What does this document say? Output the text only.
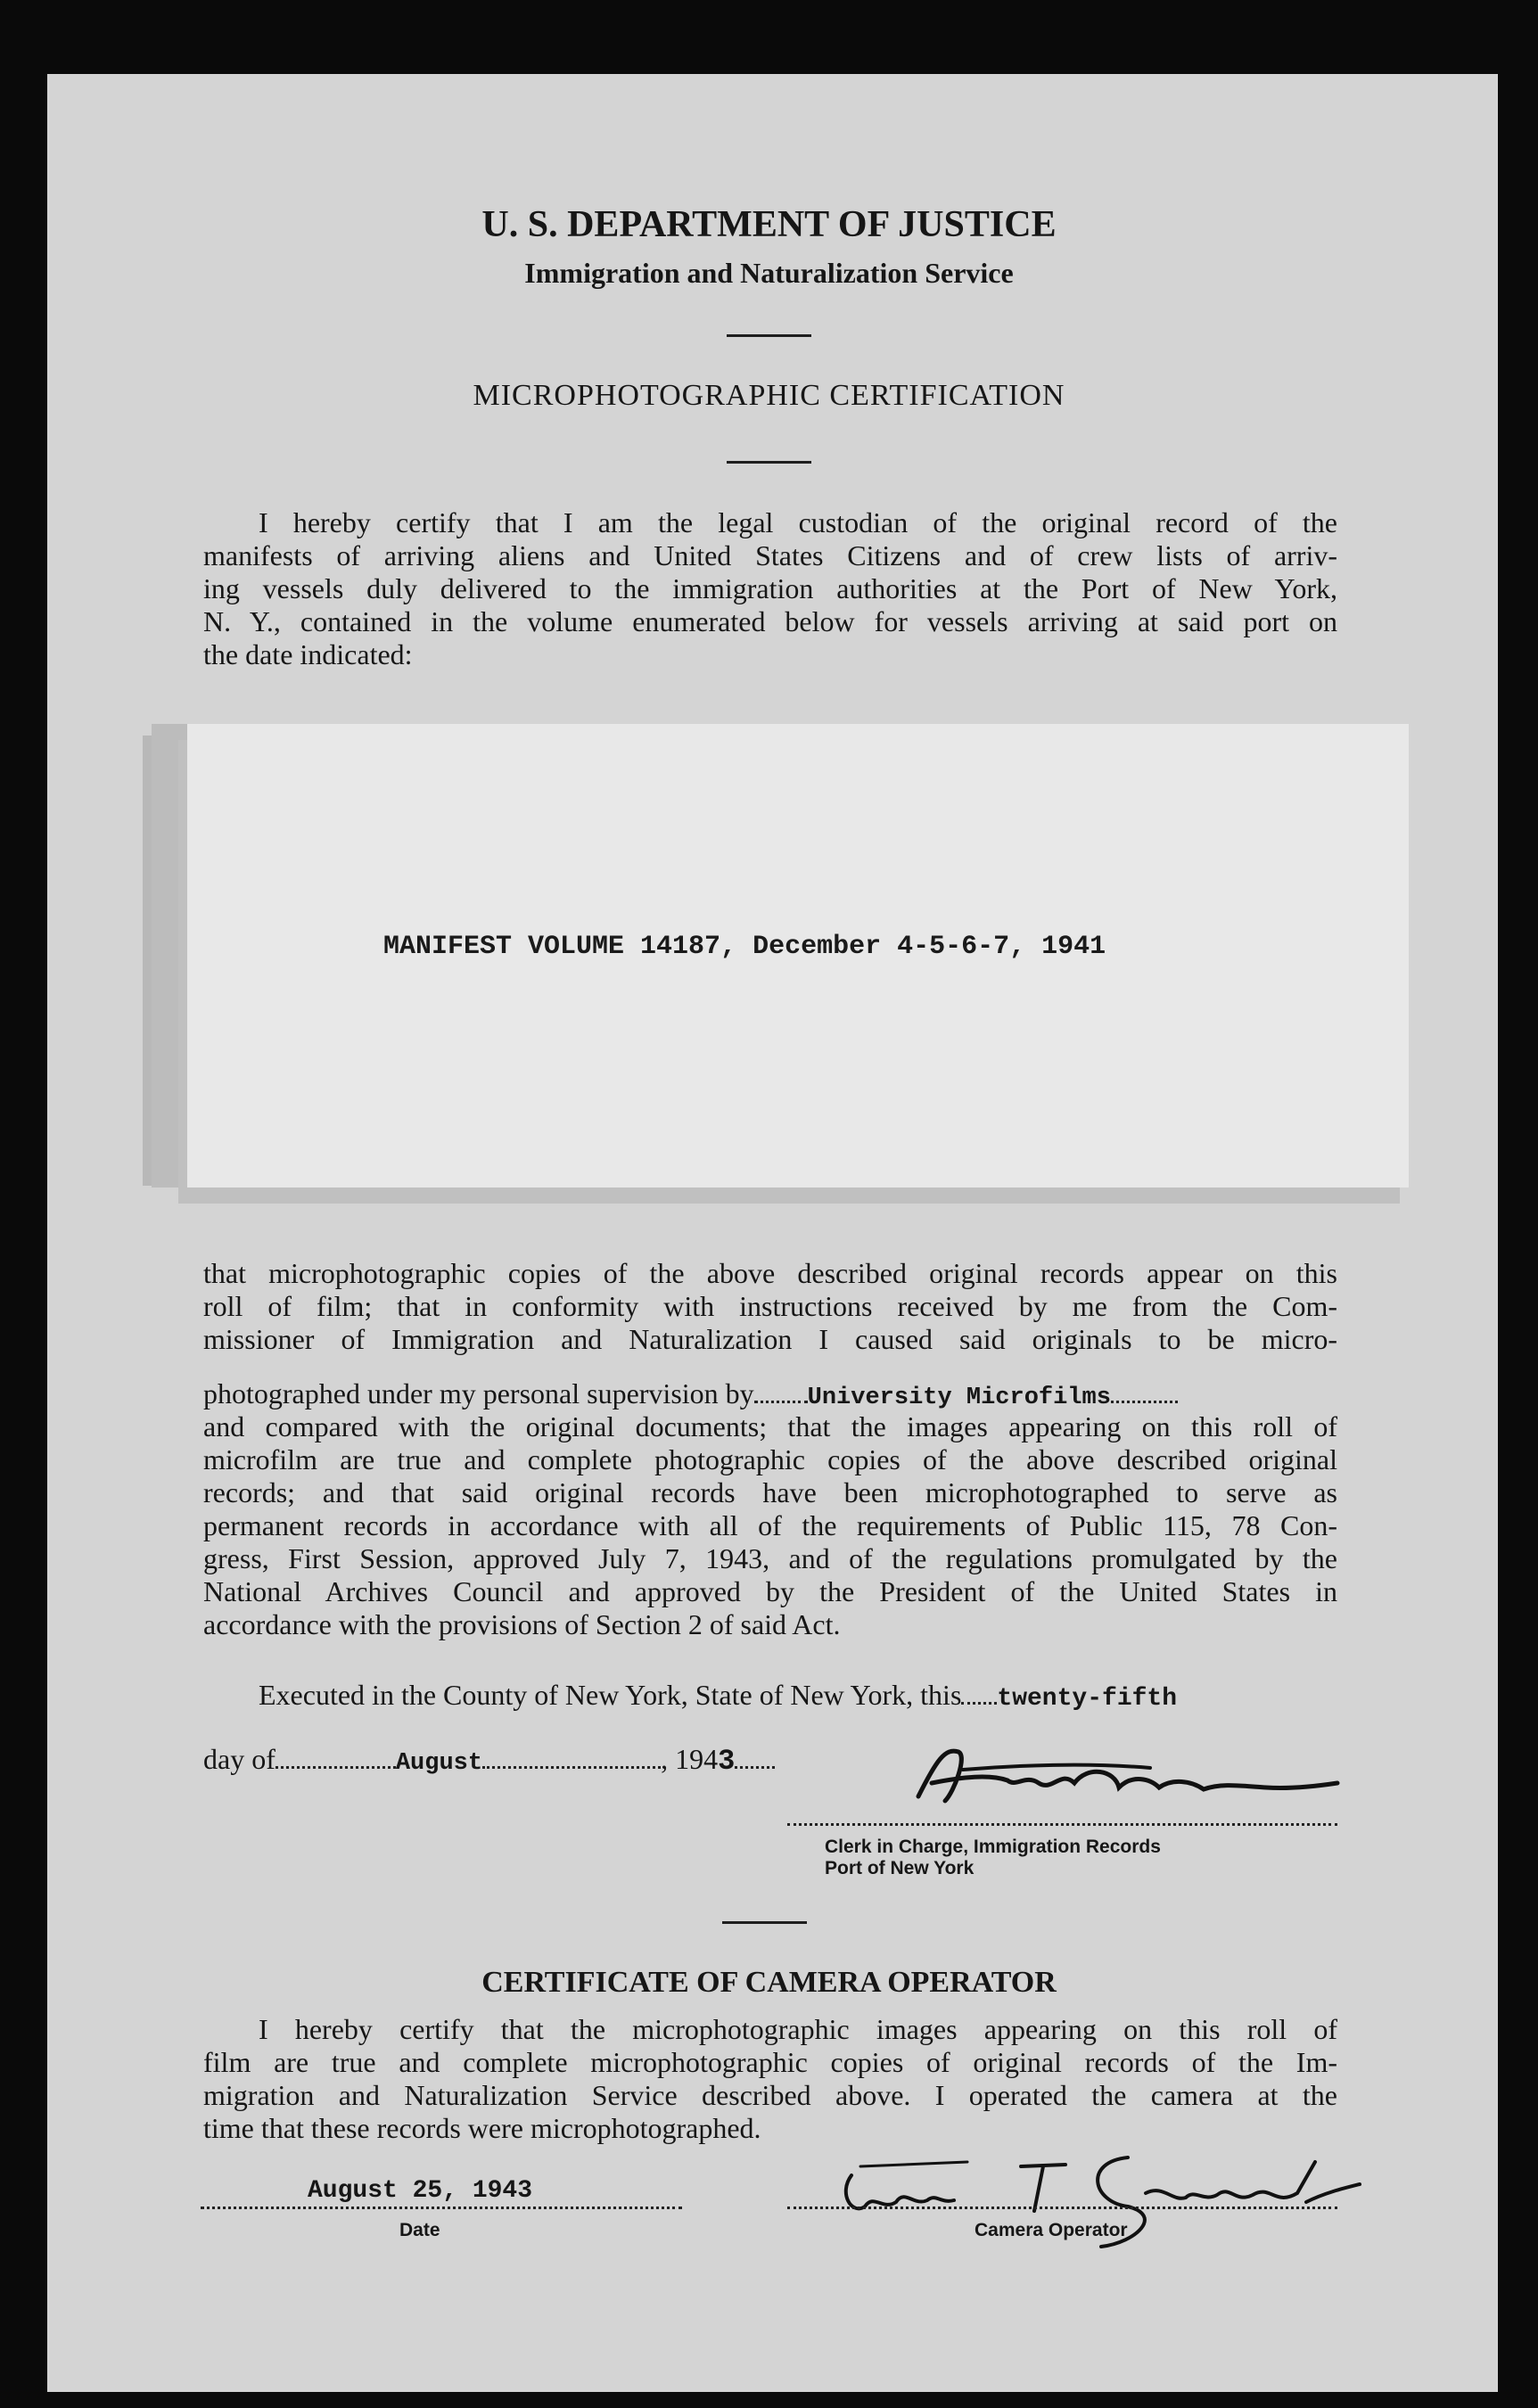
U. S. DEPARTMENT OF JUSTICE
Immigration and Naturalization Service
MICROPHOTOGRAPHIC CERTIFICATION
I hereby certify that I am the legal custodian of the original record of the
manifests of arriving aliens and United States Citizens and of crew lists of arriv-
ing vessels duly delivered to the immigration authorities at the Port of New York,
N. Y., contained in the volume enumerated below for vessels arriving at said port on
the date indicated:
MANIFEST VOLUME 14187, December 4-5-6-7, 1941
that microphotographic copies of the above described original records appear on this
roll of film; that in conformity with instructions received by me from the Com-
missioner of Immigration and Naturalization I caused said originals to be micro-
photographed under my personal supervision by University Microfilms
and compared with the original documents; that the images appearing on this roll of
microfilm are true and complete photographic copies of the above described original
records; and that said original records have been microphotographed to serve as
permanent records in accordance with all of the requirements of Public 115, 78 Con-
gress, First Session, approved July 7, 1943, and of the regulations promulgated by the
National Archives Council and approved by the President of the United States in
accordance with the provisions of Section 2 of said Act.
Executed in the County of New York, State of New York, this twenty-fifth
day of	August	, 1943
Clerk in Charge, Immigration Records
Port of New York
CERTIFICATE OF CAMERA OPERATOR
I hereby certify that the microphotographic images appearing on this roll of
film are true and complete microphotographic copies of original records of the Im-
migration and Naturalization Service described above. I operated the camera at the
time that these records were microphotographed.
August 25, 1943
Date	Camera Operator
